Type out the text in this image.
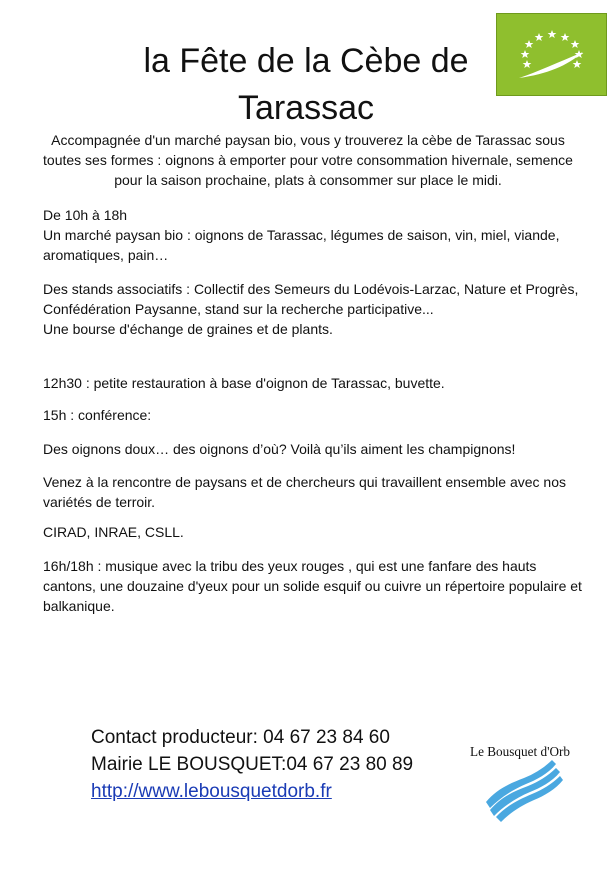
la Fête de la Cèbe de Tarassac

Accompagnée d'un marché paysan bio, vous y trouverez la cèbe de Tarassac sous toutes ses formes : oignons à emporter pour votre consommation hivernale, semence pour la saison prochaine, plats à consommer sur place le midi.

De 10h à 18h
Un marché paysan bio : oignons de Tarassac, légumes de saison, vin, miel, viande, aromatiques, pain…
Des stands associatifs : Collectif des Semeurs du Lodévois-Larzac, Nature et Progrès, Confédération Paysanne, stand sur la recherche participative...
Une bourse d'échange de graines et de plants.
12h30 : petite restauration à base d'oignon de Tarassac, buvette.
15h : conférence:
Des oignons doux… des oignons d’où? Voilà qu’ils aiment les champignons!
Venez à la rencontre de paysans et de chercheurs qui travaillent ensemble avec nos variétés de terroir.
CIRAD, INRAE, CSLL.
16h/18h : musique avec la tribu des yeux rouges , qui est une fanfare des hauts cantons, une douzaine d'yeux pour un solide esquif ou cuivre un répertoire populaire et balkanique.
Contact producteur: 04 67 23 84 60
Mairie LE BOUSQUET:04 67 23 80 89
http://www.lebousquetdorb.fr
Le Bousquet d'Orb
